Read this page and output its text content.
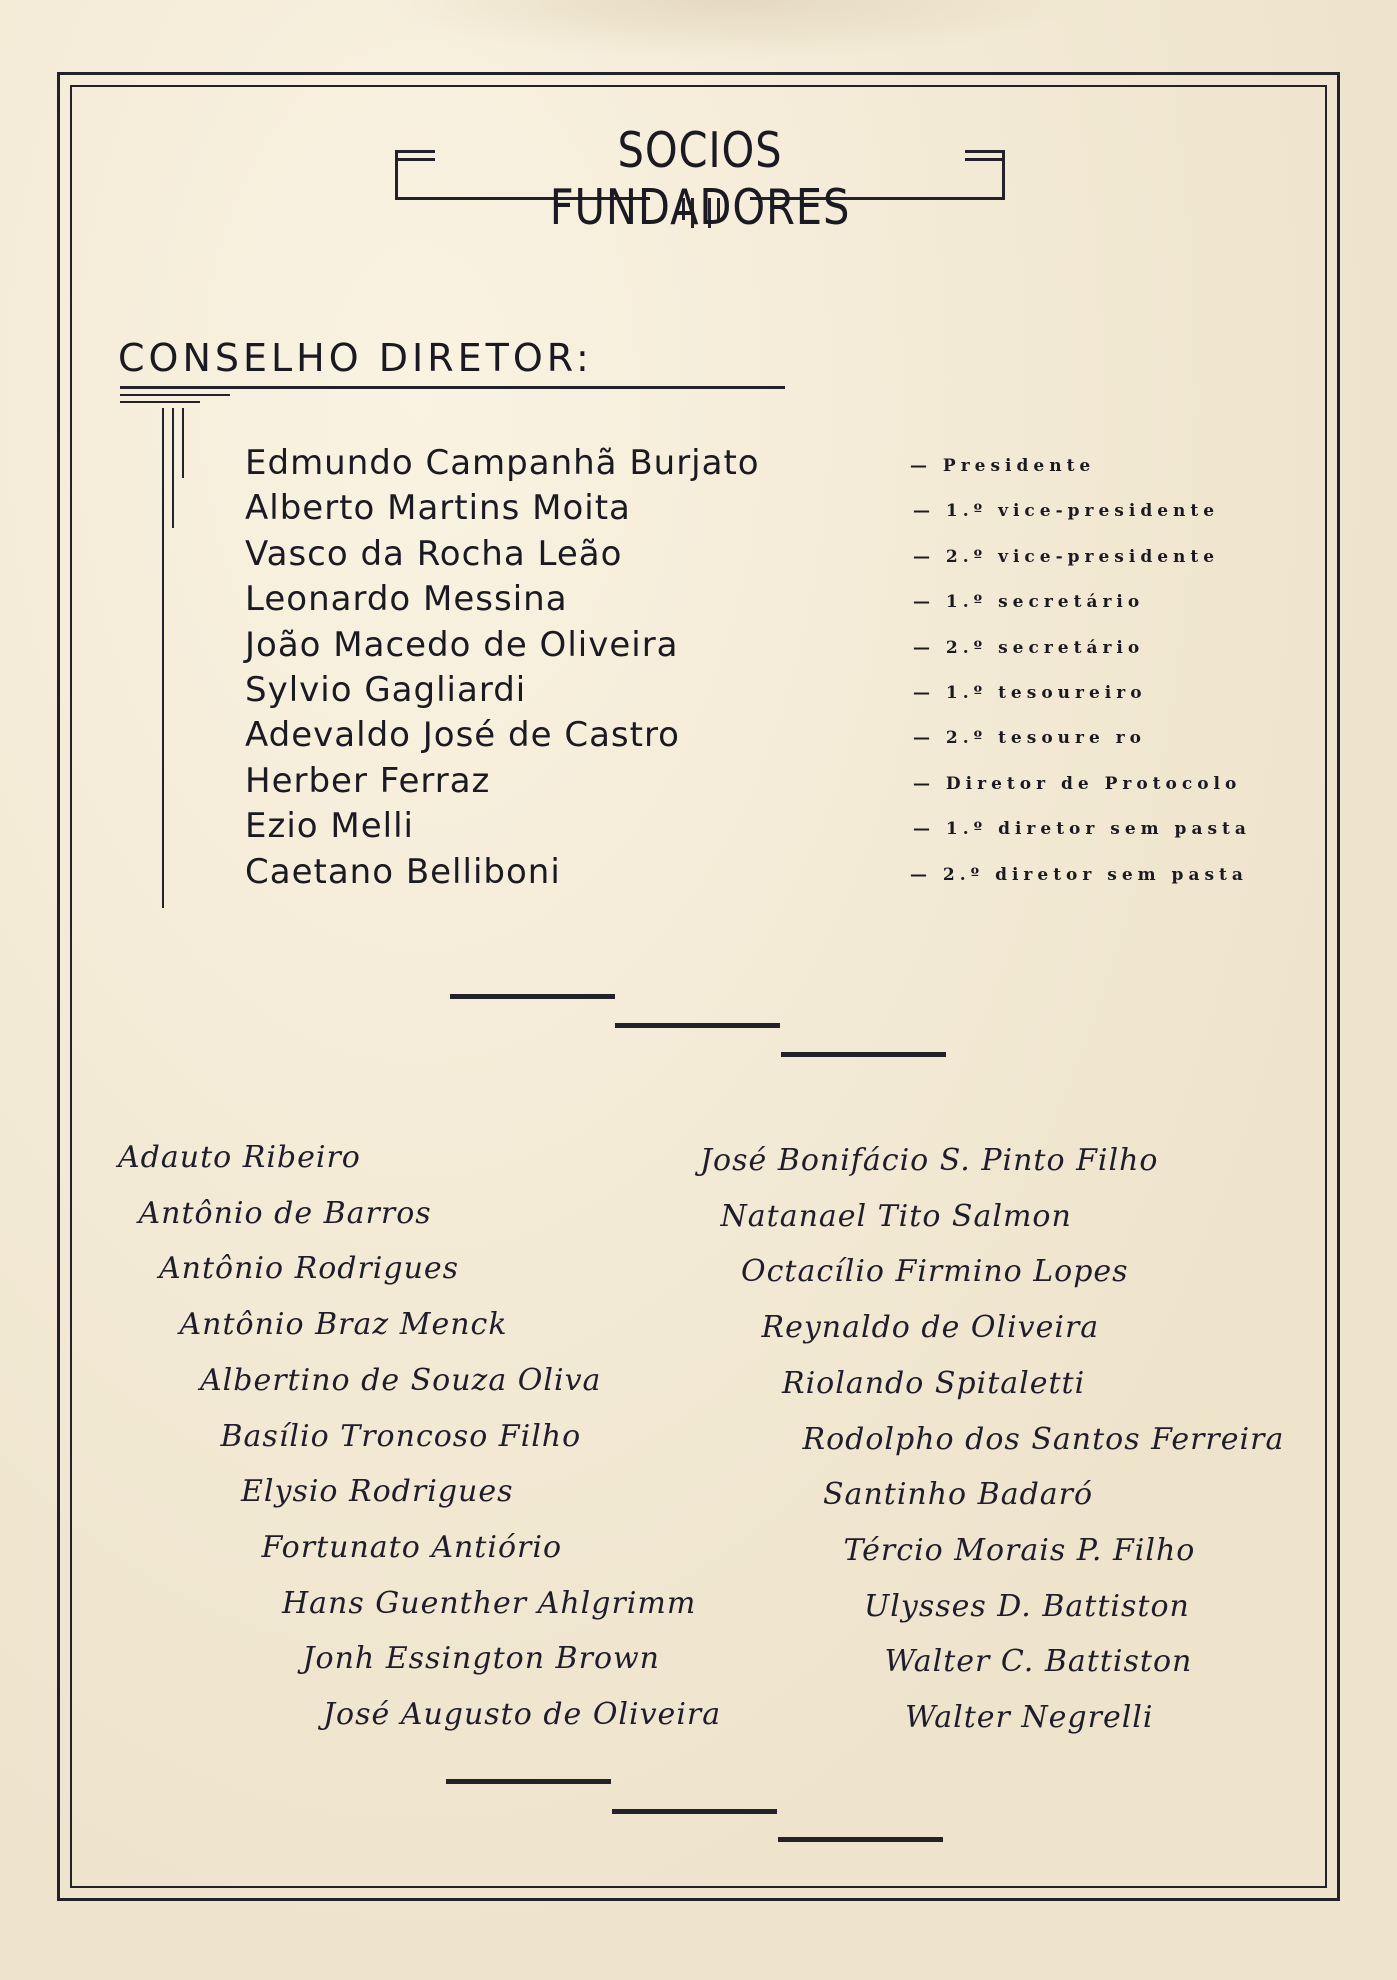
SOCIOS FUNDADORES
CONSELHO DIRETOR:
Edmundo Campanhã Burjato	— Presidente
Alberto Martins Moita	— 1.º vice-presidente
Vasco da Rocha Leão	— 2.º vice-presidente
Leonardo Messina	— 1.º secretário
João Macedo de Oliveira	— 2.º secretário
Sylvio Gagliardi	— 1.º tesoureiro
Adevaldo José de Castro	— 2.º tesoure ro
Herber Ferraz	— Diretor de Protocolo
Ezio Melli	— 1.º diretor sem pasta
Caetano Belliboni	— 2.º diretor sem pasta
Adauto Ribeiro
Antônio de Barros
Antônio Rodrigues
Antônio Braz Menck
Albertino de Souza Oliva
Basílio Troncoso Filho
Elysio Rodrigues
Fortunato Antiório
Hans Guenther Ahlgrimm
Jonh Essington Brown
José Augusto de Oliveira
José Bonifácio S. Pinto Filho
Natanael Tito Salmon
Octacílio Firmino Lopes
Reynaldo de Oliveira
Riolando Spitaletti
Rodolpho dos Santos Ferreira
Santinho Badaró
Tércio Morais P. Filho
Ulysses D. Battiston
Walter C. Battiston
Walter Negrelli
